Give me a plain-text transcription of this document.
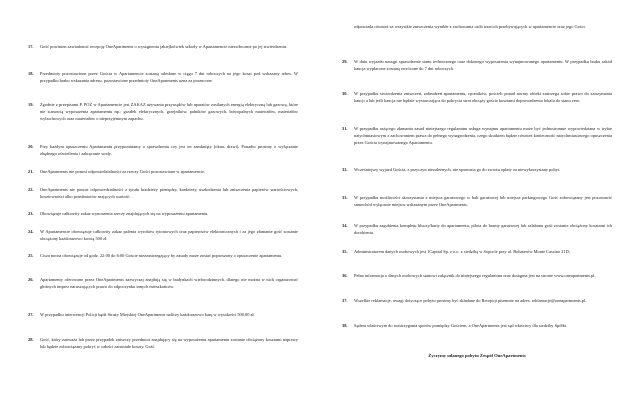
17.	Gość powinien zawiadomić recepcję OneApartments o wystąpieniu jakiejkolwiek szkody w Apartamencie niezwłocznie po jej stwierdzeniu.
18.	Przedmioty pozostawione przez Gościa w Apartamencie zostaną odesłane w ciągu 7 dni roboczych na jego koszt pod wskazany adres. W przypadku braku wskazania adresu, pozostawione przedmioty OneApartments uzna za porzucone.
19.	Zgodnie z przepisami P. POŻ w Apartamencie jest ZAKAZ używania przyrządów lub aparatów zasilanych energią elektryczną lub gazową, które nie stanowią wyposażenia apartamentu np.: grzałek elektrycznych, grzejników, palników gazowych, łatwopalnych materiałów, materiałów wybuchowych oraz materiałów o nieprzyjemnym zapachu.
20.	Przy każdym opuszczeniu Apartamentu przypominamy o sprawdzeniu czy jest on zamknięty (okna, drzwi). Ponadto prosimy o wyłączanie zbędnego oświetlenia i zakręcanie wody.
21.	OneApartments nie ponosi odpowiedzialności za rzeczy Gości pozostawione w apartamencie.
22.	OneApartments nie ponosi odpowiedzialności z tytułu kradzieży pieniędzy, kradzieży, uszkodzenia lub zniszczenia papierów wartościowych, kosztowności albo przedmiotów mających wartość.
23.	Obowiązuje całkowity zakaz wynoszenia rzeczy znajdujących się na wyposażeniu apartamentu.
24.	W Apartamencie obowiązuje całkowity zakaz palenia wyrobów tytoniowych oraz papierosów elektronicznych i za jego złamanie gość zostanie obciążony każdorazowo kwotą 500 zł.
25.	Cisza nocna obowiązuje od godz. 22:00 do 6:00 Goście niezzastrzegający by zasady może zostać poproszony o opuszczenie apartamentu.
26.	Apartamenty oferowane przez OneApartments zazwyczaj znajdują się w budynkach wielorodzinnych, dlatego nie można w nich organizować głośnych imprez naruszających prawo do odpoczynku innych mieszkańców.
27.	W przypadku interwencji Policji bądź Straży Miejskiej OneApartments naliczy każdorazowo karę w wysokości 500,00 zł.
28.	Gość, który zauważa lub przez przypadek zniszczy przedmiot znajdujący się na wyposażeniu apartamentu zostanie obciążony kosztami naprawy lub będzie zobowiązany pokryć w całości zaistniałe koszty. Gość
odpowiada również za wszystkie zniszczenia wynikłe z zachowania osób trzecich przebywających w apartamencie oraz jego Gości.
29.	W dniu wyjazdu nastąpi sprawdzenie stanu technicznego oraz dokonego wyposażenia wynajmowanego apartamentu. W przypadku braku szkód kaucja wypłacone zostaną zwrócone do 7 dni roboczych.
30.	W przypadku stwierdzenia zniszczeń, zabrudzeń apartamentu, ręczników, pościeli ponad normy obiekt zastrzega sobie prawo do zatrzymania kaucji a lub jeśli kaucja nie będzie wystarczająca do pokrycia strat obciąży gościa kosztami doprowadzenia lokalu do stanu zero.
31.	W przypadku rażącego złamania zasad niniejszego regulaminu usługa wynajmu apartamentu może być jednostronnie wypowiedziana w trybie natychmiastowym z zachowaniem prawa do pełnego wynagrodzenia, czego skutkiem będzie również konieczność natychmiastowego opuszczenia przez Gościa wynajmowanego Apartamentu.
32.	Wcześniejszy wyjazd Gościa, z przyczyn niezależnych, nie uprawnia go do zwrotu opłaty za niewykorzystany pobyt.
33.	W przypadku możliwości skorzystania z miejsca garażowego w hali garażowej lub miejsca parkingowego Gość zobowiązany jest pozostawić samochód wyłącznie miejscu wskazanym przez OneApartments.
34.	W przypadku zagubienia kompletu kluczy/karty do apartamentu, pilota do bramy garażowej lub szlabanu gość zostanie obciążony kosztami ich dorobienia.
35.	Administratorem danych osobowych jest 1Capital Sp. z o.o. z siedzibą w Sopocie przy ul. Bohaterów Monte Cassino 21D;
36.	Pełna informacja o danych osobowych stanowi załącznik do niniejszego regulaminu oraz dostępna jest na stronie www.oneapartments.pl.
37.	Wszelkie reklamacje, uwagi dotyczące pobytu prosimy być składane do Recepcji pisemnie na adres: reklamacje@oneapartments.pl.
38.	Sądem właściwym do rozstrzygania sporów pomiędzy Gościem, a OneApartments jest sąd właściwy dla siedziby Spółki.
Życzymy udanego pobytu Zespół OneApartments
